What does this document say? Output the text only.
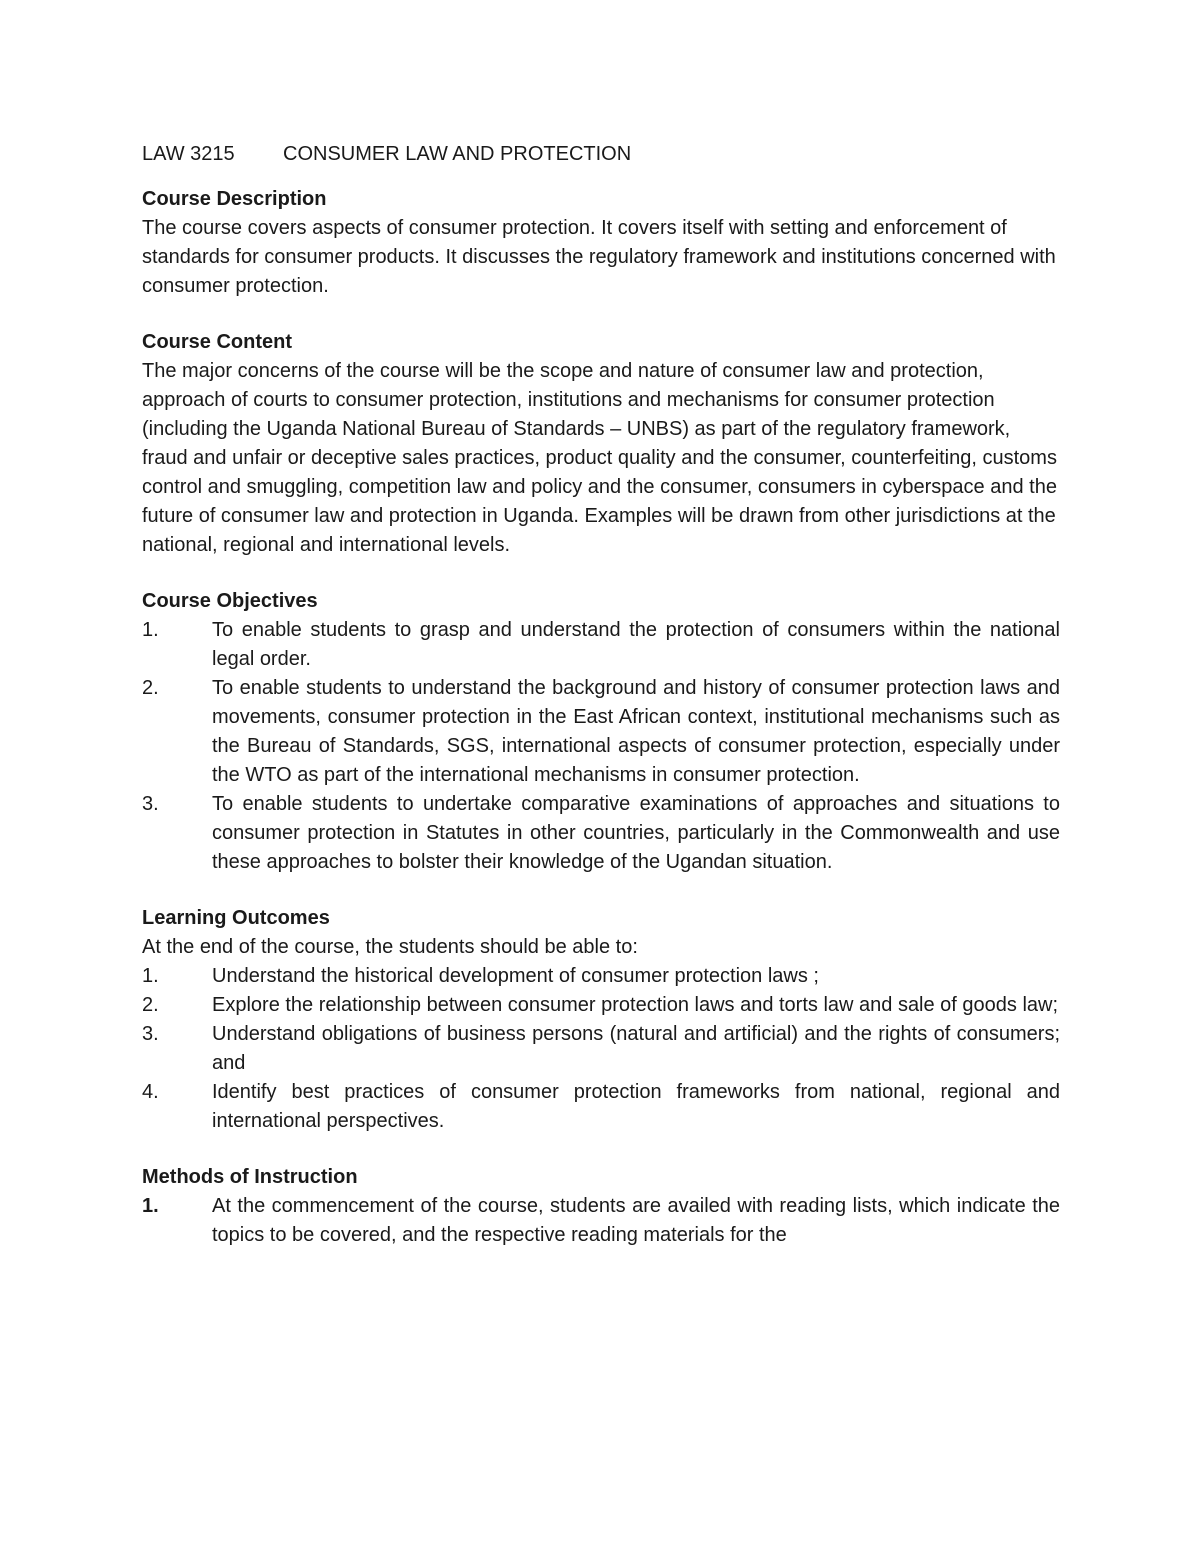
LAW 3215	CONSUMER LAW AND PROTECTION

Course Description

The course covers aspects of consumer protection. It covers itself with setting and enforcement of standards for consumer products. It discusses the regulatory framework and institutions concerned with consumer protection.

Course Content

The major concerns of the course will be the scope and nature of consumer law and protection, approach of courts to consumer protection, institutions and mechanisms for consumer protection (including the Uganda National Bureau of Standards – UNBS) as part of the regulatory framework, fraud and unfair or deceptive sales practices, product quality and the consumer, counterfeiting, customs control and smuggling, competition law and policy and the consumer, consumers in cyberspace and the future of consumer law and protection in Uganda. Examples will be drawn from other jurisdictions at the national, regional and international levels.

Course Objectives

1.	To enable students to grasp and understand the protection of consumers within the national legal order.
2.	To enable students to understand the background and history of consumer protection laws and movements, consumer protection in the East African context, institutional mechanisms such as the Bureau of Standards, SGS, international aspects of consumer protection, especially under the WTO as part of the international mechanisms in consumer protection.
3.	To enable students to undertake comparative examinations of approaches and situations to consumer protection in Statutes in other countries, particularly in the Commonwealth and use these approaches to bolster their knowledge of the Ugandan situation.

Learning Outcomes

At the end of the course, the students should be able to:

1.	Understand the historical development of consumer protection laws ;
2.	Explore the relationship between consumer protection laws and torts law and sale of goods law;
3.	Understand obligations of business persons (natural and artificial) and the rights of consumers; and
4.	Identify best practices of consumer protection frameworks from national, regional and international perspectives.

Methods of Instruction

1.	At the commencement of the course, students are availed with reading lists, which indicate the topics to be covered, and the respective reading materials for the
